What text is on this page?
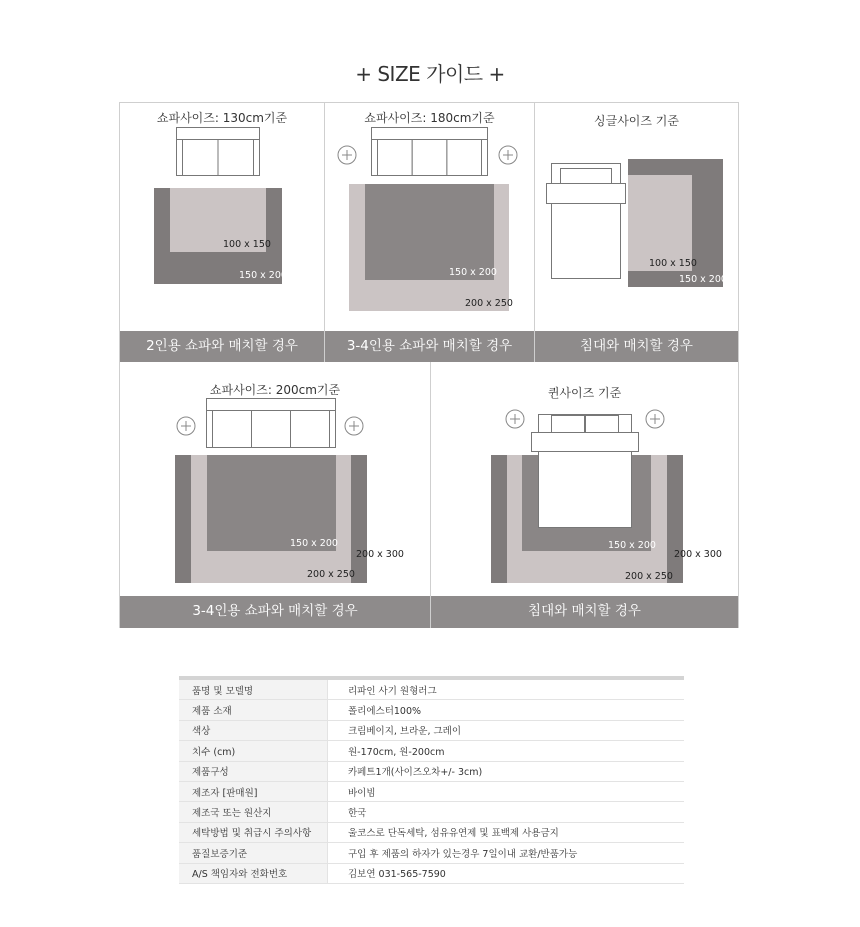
+ SIZE 가이드 +
쇼파사이즈: 130cm기준
100 x 150
150 x 200
2인용 쇼파와 매치할 경우
쇼파사이즈: 180cm기준
150 x 200
200 x 250
3-4인용 쇼파와 매치할 경우
싱글사이즈 기준
100 x 150
150 x 200
침대와 매치할 경우
쇼파사이즈: 200cm기준
150 x 200
200 x 250
200 x 300
3-4인용 쇼파와 매치할 경우
퀸사이즈 기준
150 x 200
200 x 250
200 x 300
침대와 매치할 경우
품명 및 모델명	리파인 사기 원형러그
제품 소재	폴리에스터100%
색상	크림베이지, 브라운, 그레이
치수 (cm)	원-170cm, 원-200cm
제품구성	카페트1개(사이즈오차+/- 3cm)
제조자 [판매원]	바이빔
제조국 또는 원산지	한국
세탁방법 및 취급시 주의사항	울코스로 단독세탁, 섬유유연제 및 표백제 사용금지
품질보증기준	구입 후 제품의 하자가 있는경우 7일이내 교환/반품가능
A/S 책임자와 전화번호	김보연 031-565-7590
